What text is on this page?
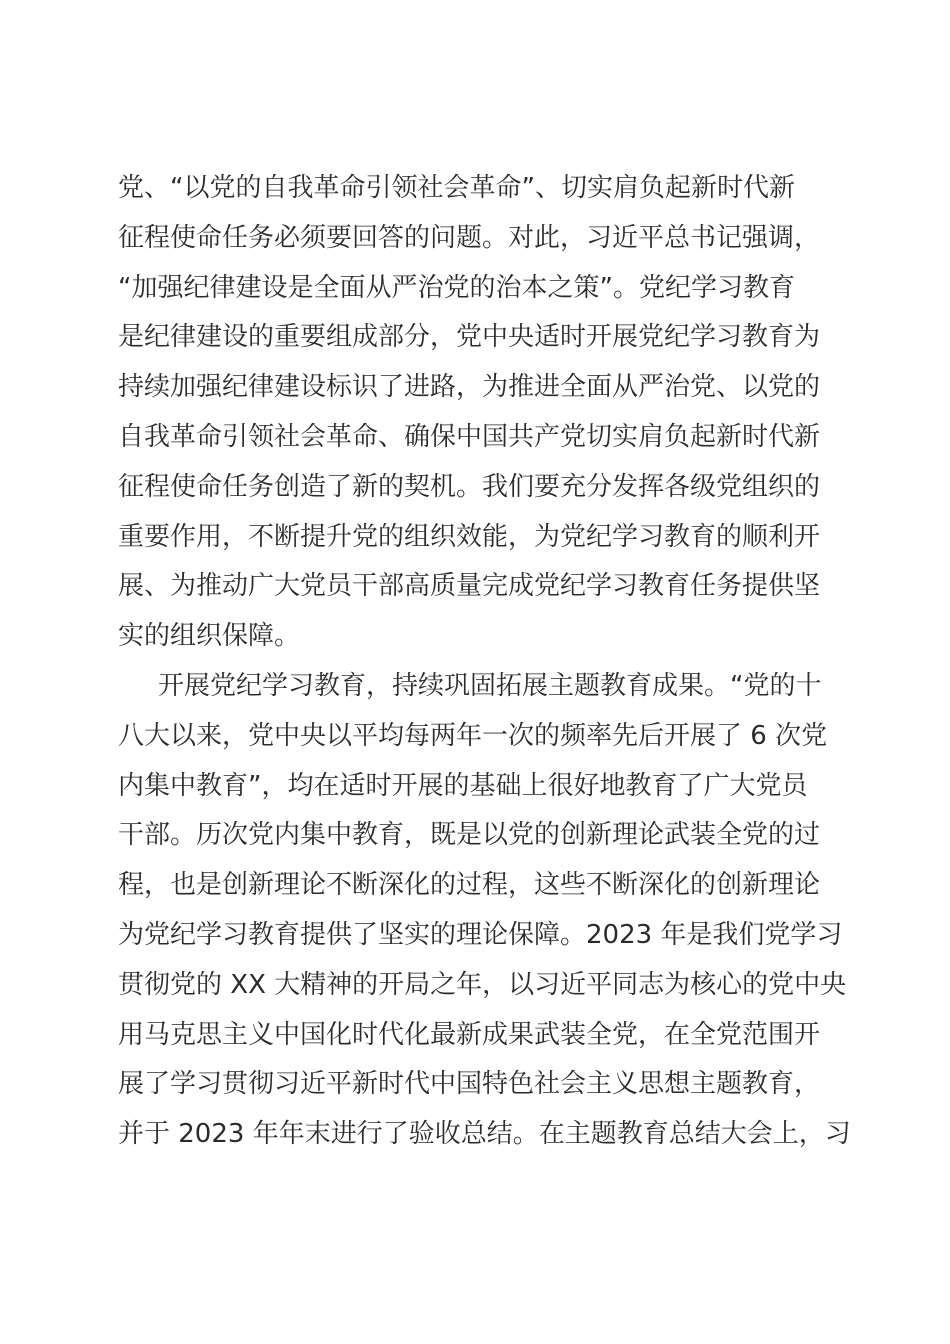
党、“以党的自我革命引领社会革命”、切实肩负起新时代新
征程使命任务必须要回答的问题。对此，习近平总书记强调，
“加强纪律建设是全面从严治党的治本之策”。党纪学习教育
是纪律建设的重要组成部分，党中央适时开展党纪学习教育为
持续加强纪律建设标识了进路，为推进全面从严治党、以党的
自我革命引领社会革命、确保中国共产党切实肩负起新时代新
征程使命任务创造了新的契机。我们要充分发挥各级党组织的
重要作用，不断提升党的组织效能，为党纪学习教育的顺利开
展、为推动广大党员干部高质量完成党纪学习教育任务提供坚
实的组织保障。
开展党纪学习教育，持续巩固拓展主题教育成果。“党的十
八大以来，党中央以平均每两年一次的频率先后开展了 6 次党
内集中教育”，均在适时开展的基础上很好地教育了广大党员
干部。历次党内集中教育，既是以党的创新理论武装全党的过
程，也是创新理论不断深化的过程，这些不断深化的创新理论
为党纪学习教育提供了坚实的理论保障。2023 年是我们党学习
贯彻党的 XX 大精神的开局之年，以习近平同志为核心的党中央
用马克思主义中国化时代化最新成果武装全党，在全党范围开
展了学习贯彻习近平新时代中国特色社会主义思想主题教育，
并于 2023 年年末进行了验收总结。在主题教育总结大会上，习
